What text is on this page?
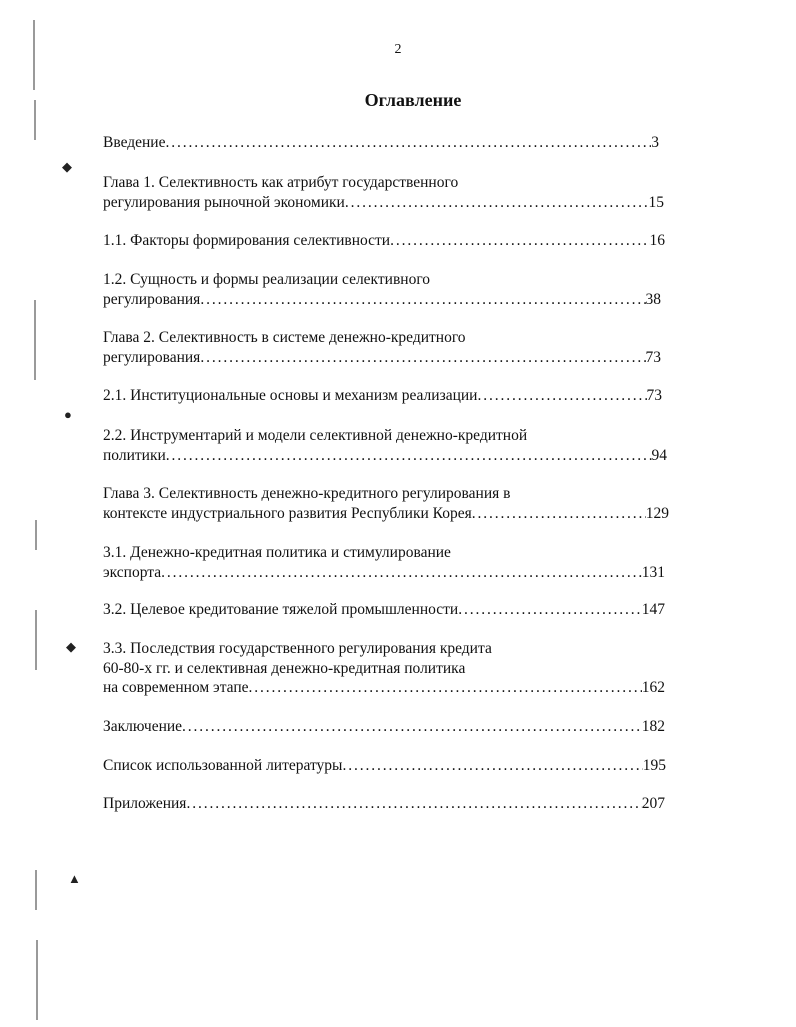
2
Оглавление
Введение . . .	3
Глава 1. Селективность как атрибут государственного
регулирования рыночной экономики . . .	15
1.1. Факторы формирования селективности . . .	16
1.2. Сущность и формы реализации селективного
регулирования . . .	38
Глава 2. Селективность в системе денежно-кредитного
регулирования . . .	73
2.1. Институциональные основы и механизм реализации . . .	73
2.2. Инструментарий и модели селективной денежно-кредитной
политики . . .	94
Глава 3. Селективность денежно-кредитного регулирования в
контексте индустриального развития Республики Корея . . .	129
3.1. Денежно-кредитная политика и стимулирование
экспорта . . .	131
3.2. Целевое кредитование тяжелой промышленности . . .	147
3.3. Последствия государственного регулирования кредита
60-80-х гг. и селективная денежно-кредитная политика
на современном этапе . . .	162
Заключение . . .	182
Список использованной литературы . . .	195
Приложения . . .	207
◆
●
◆
▲
